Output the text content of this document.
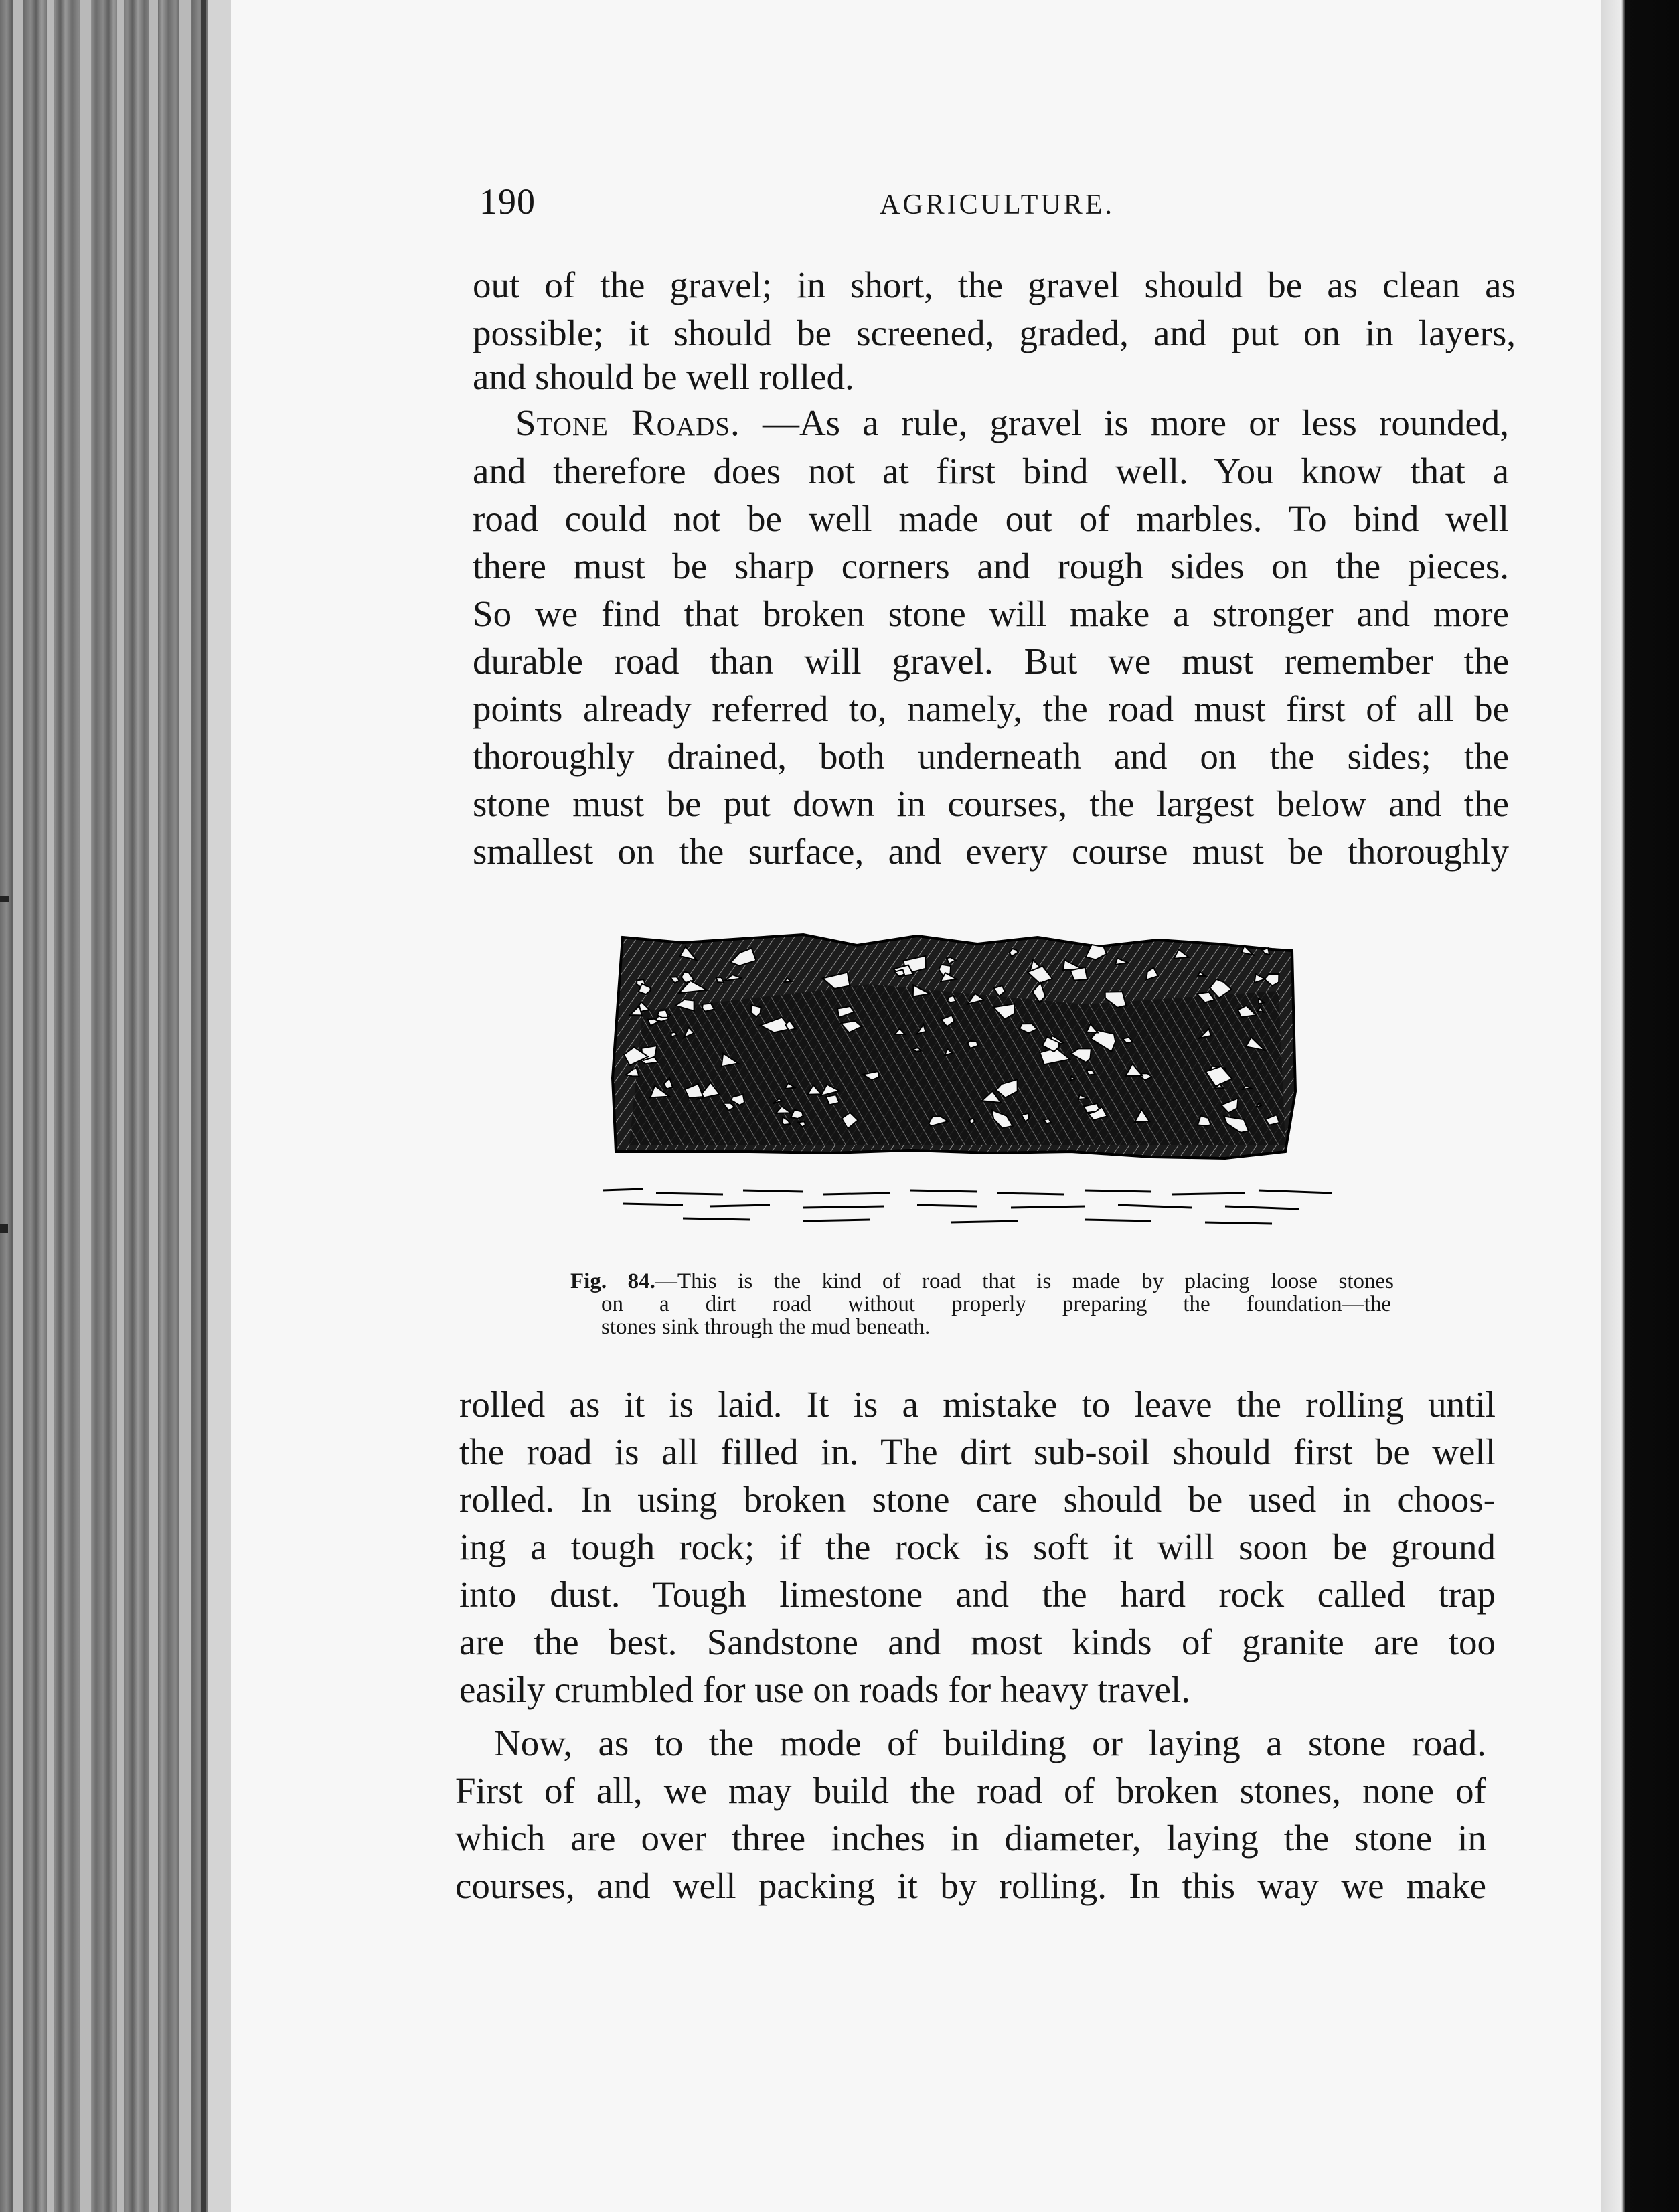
190	AGRICULTURE.
out of the gravel; in short, the gravel should be as clean as
possible; it should be screened, graded, and put on in layers,
and should be well rolled.
Stone Roads. —As a rule, gravel is more or less rounded,
and therefore does not at first bind well. You know that a
road could not be well made out of marbles. To bind well
there must be sharp corners and rough sides on the pieces.
So we find that broken stone will make a stronger and more
durable road than will gravel. But we must remember the
points already referred to, namely, the road must first of all be
thoroughly drained, both underneath and on the sides; the
stone must be put down in courses, the largest below and the
smallest on the surface, and every course must be thoroughly
Fig. 84.—This is the kind of road that is made by placing loose stones
on a dirt road without properly preparing the foundation—the
stones sink through the mud beneath.
rolled as it is laid. It is a mistake to leave the rolling until
the road is all filled in. The dirt sub-soil should first be well
rolled. In using broken stone care should be used in choos-
ing a tough rock; if the rock is soft it will soon be ground
into dust. Tough limestone and the hard rock called trap
are the best. Sandstone and most kinds of granite are too
easily crumbled for use on roads for heavy travel.
Now, as to the mode of building or laying a stone road.
First of all, we may build the road of broken stones, none of
which are over three inches in diameter, laying the stone in
courses, and well packing it by rolling. In this way we make
